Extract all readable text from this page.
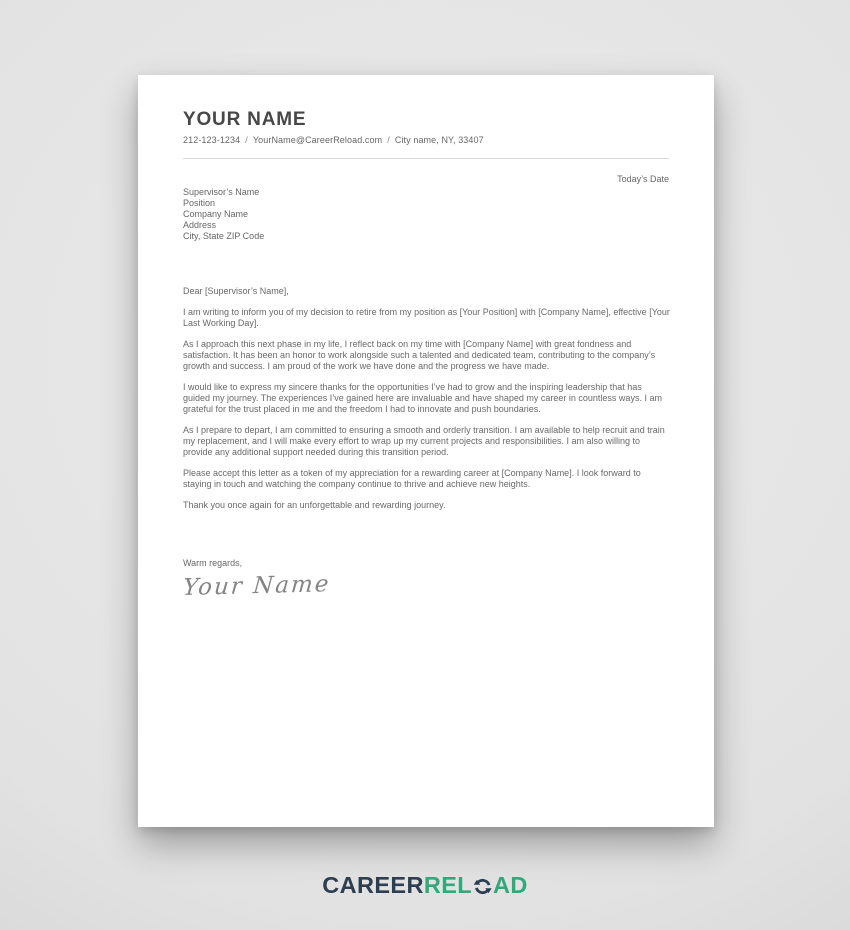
YOUR NAME
212-123-1234 / YourName@CareerReload.com / City name, NY, 33407
Today’s Date
Supervisor’s Name
Position
Company Name
Address
City, State ZIP Code

Dear [Supervisor’s Name],

I am writing to inform you of my decision to retire from my position as [Your Position] with [Company Name], effective [Your Last Working Day].

As I approach this next phase in my life, I reflect back on my time with [Company Name] with great fondness and satisfaction. It has been an honor to work alongside such a talented and dedicated team, contributing to the company’s growth and success. I am proud of the work we have done and the progress we have made.

I would like to express my sincere thanks for the opportunities I’ve had to grow and the inspiring leadership that has guided my journey. The experiences I’ve gained here are invaluable and have shaped my career in countless ways. I am grateful for the trust placed in me and the freedom I had to innovate and push boundaries.

As I prepare to depart, I am committed to ensuring a smooth and orderly transition. I am available to help recruit and train my replacement, and I will make every effort to wrap up my current projects and responsibilities. I am also willing to provide any additional support needed during this transition period.

Please accept this letter as a token of my appreciation for a rewarding career at [Company Name]. I look forward to staying in touch and watching the company continue to thrive and achieve new heights.

Thank you once again for an unforgettable and rewarding journey.

Warm regards,
Your Name
CAREER REL AD
